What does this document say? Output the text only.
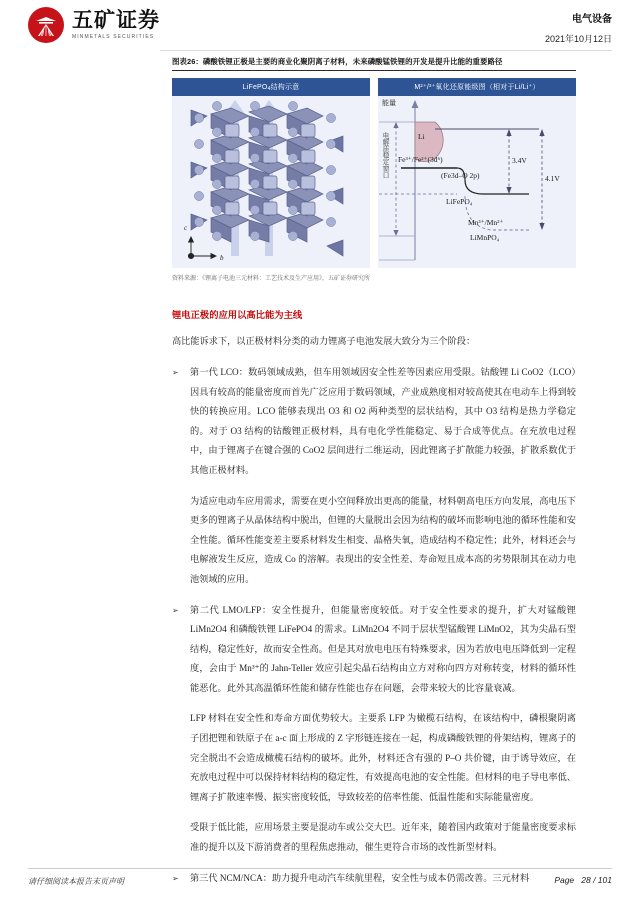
五矿证券
MINMETALS SECURITIES
电气设备
2021年10月12日
图表26：磷酸铁锂正极是主要的商业化聚阴离子材料，未来磷酸锰铁锂的开发是提升比能的重要路径
LiFePO$_4$结构示意
b
c
M²⁺/³⁺氧化还原能级图（相对于Li/Li⁺）
能量
电解质稳定窗口	Li
Fe³⁺/Fe²⁺(3d⁶)
(Fe3d–O 2p)
LiFePO₄
Mn³⁺/Mn²⁺
LiMnPO₄
3.4V
4.1V
资料来源：《锂离子电池三元材料：工艺技术及生产应用》，五矿证券研究所
锂电正极的应用以高比能为主线

高比能诉求下，以正极材料分类的动力锂离子电池发展大致分为三个阶段：

➢	第一代 LCO：数码领域成熟，但车用领域因安全性差等因素应用受限。钴酸锂 Li CoO2（LCO）因具有较高的能量密度而首先广泛应用于数码领域，产业成熟度相对较高使其在电动车上得到较快的转换应用。LCO 能够表现出 O3 和 O2 两种类型的层状结构，其中 O3 结构是热力学稳定的。对于 O3 结构的钴酸锂正极材料，具有电化学性能稳定、易于合成等优点。在充放电过程中，由于锂离子在键合强的 CoO2 层间进行二维运动，因此锂离子扩散能力较强，扩散系数优于其他正极材料。
为适应电动车应用需求，需要在更小空间释放出更高的能量，材料朝高电压方向发展，高电压下更多的锂离子从晶体结构中脱出，但锂的大量脱出会因为结构的破坏而影响电池的循环性能和安全性能。循环性能变差主要系材料发生相变、晶格失氧，造成结构不稳定性；此外，材料还会与电解液发生反应，造成 Co 的溶解。表现出的安全性差、寿命短且成本高的劣势限制其在动力电池领域的应用。
➢	第二代 LMO/LFP：安全性提升，但能量密度较低。对于安全性要求的提升，扩大对锰酸锂 LiMn2O4 和磷酸铁锂 LiFePO4 的需求。LiMn2O4 不同于层状型锰酸锂 LiMnO2，其为尖晶石型结构，稳定性好，故而安全性高。但是其对放电电压有特殊要求，因为若放电电压降低到一定程度，会由于 Mn³⁺的 Jahn-Teller 效应引起尖晶石结构由立方对称向四方对称转变，材料的循环性能恶化。此外其高温循环性能和储存性能也存在问题，会带来较大的比容量衰减。
LFP 材料在安全性和寿命方面优势较大。主要系 LFP 为橄榄石结构，在该结构中，磷根聚阴离子团把锂和铁原子在 a-c 面上形成的 Z 字形链连接在一起，构成磷酸铁锂的骨架结构，锂离子的完全脱出不会造成橄榄石结构的破坏。此外，材料还含有强的 P–O 共价键，由于诱导效应，在充放电过程中可以保持材料结构的稳定性，有效提高电池的安全性能。但材料的电子导电率低、锂离子扩散速率慢、振实密度较低，导致较差的倍率性能、低温性能和实际能量密度。
受限于低比能，应用场景主要是混动车或公交大巴。近年来，随着国内政策对于能量密度要求标准的提升以及下游消费者的里程焦虑推动，催生更符合市场的改性新型材料。
➢	第三代 NCM/NCA：助力提升电动汽车续航里程，安全性与成本仍需改善。三元材料
请仔细阅读本报告末页声明	Page 28 / 101
